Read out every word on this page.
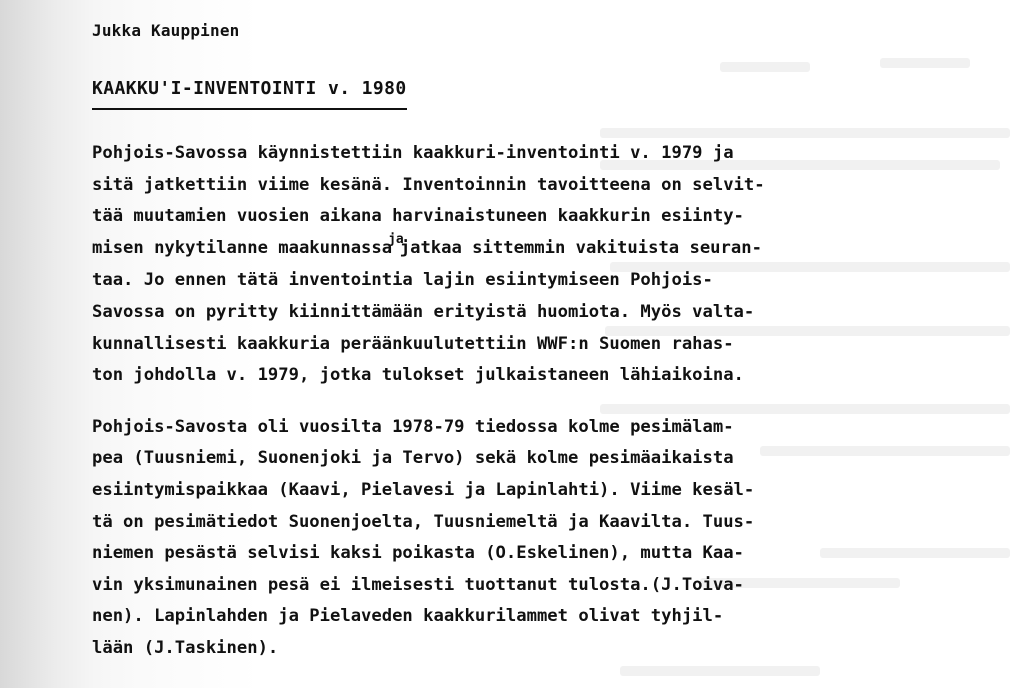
Jukka Kauppinen
KAAKKU'I-INVENTOINTI v. 1980
Pohjois-Savossa käynnistettiin kaakkuri-inventointi v. 1979 ja
sitä jatkettiin viime kesänä. Inventoinnin tavoitteena on selvit-
tää muutamien vuosien aikana harvinaistuneen kaakkurin esiinty-
misen nykytilanne maakunnassa$^{ja}$jatkaa sittemmin vakituista seuran-
taa. Jo ennen tätä inventointia lajin esiintymiseen Pohjois-
Savossa on pyritty kiinnittämään erityistä huomiota. Myös valta-
kunnallisesti kaakkuria peräänkuulutettiin WWF:n Suomen rahas-
ton johdolla v. 1979, jotka tulokset julkaistaneen lähiaikoina.
Pohjois-Savosta oli vuosilta 1978-79 tiedossa kolme pesimälam-
pea (Tuusniemi, Suonenjoki ja Tervo) sekä kolme pesimäaikaista
esiintymispaikkaa (Kaavi, Pielavesi ja Lapinlahti). Viime kesäl-
tä on pesimätiedot Suonenjoelta, Tuusniemeltä ja Kaavilta. Tuus-
niemen pesästä selvisi kaksi poikasta (O.Eskelinen), mutta Kaa-
vin yksimunainen pesä ei ilmeisesti tuottanut tulosta.(J.Toiva-
nen). Lapinlahden ja Pielaveden kaakkurilammet olivat tyhjil-
lään (J.Taskinen).
